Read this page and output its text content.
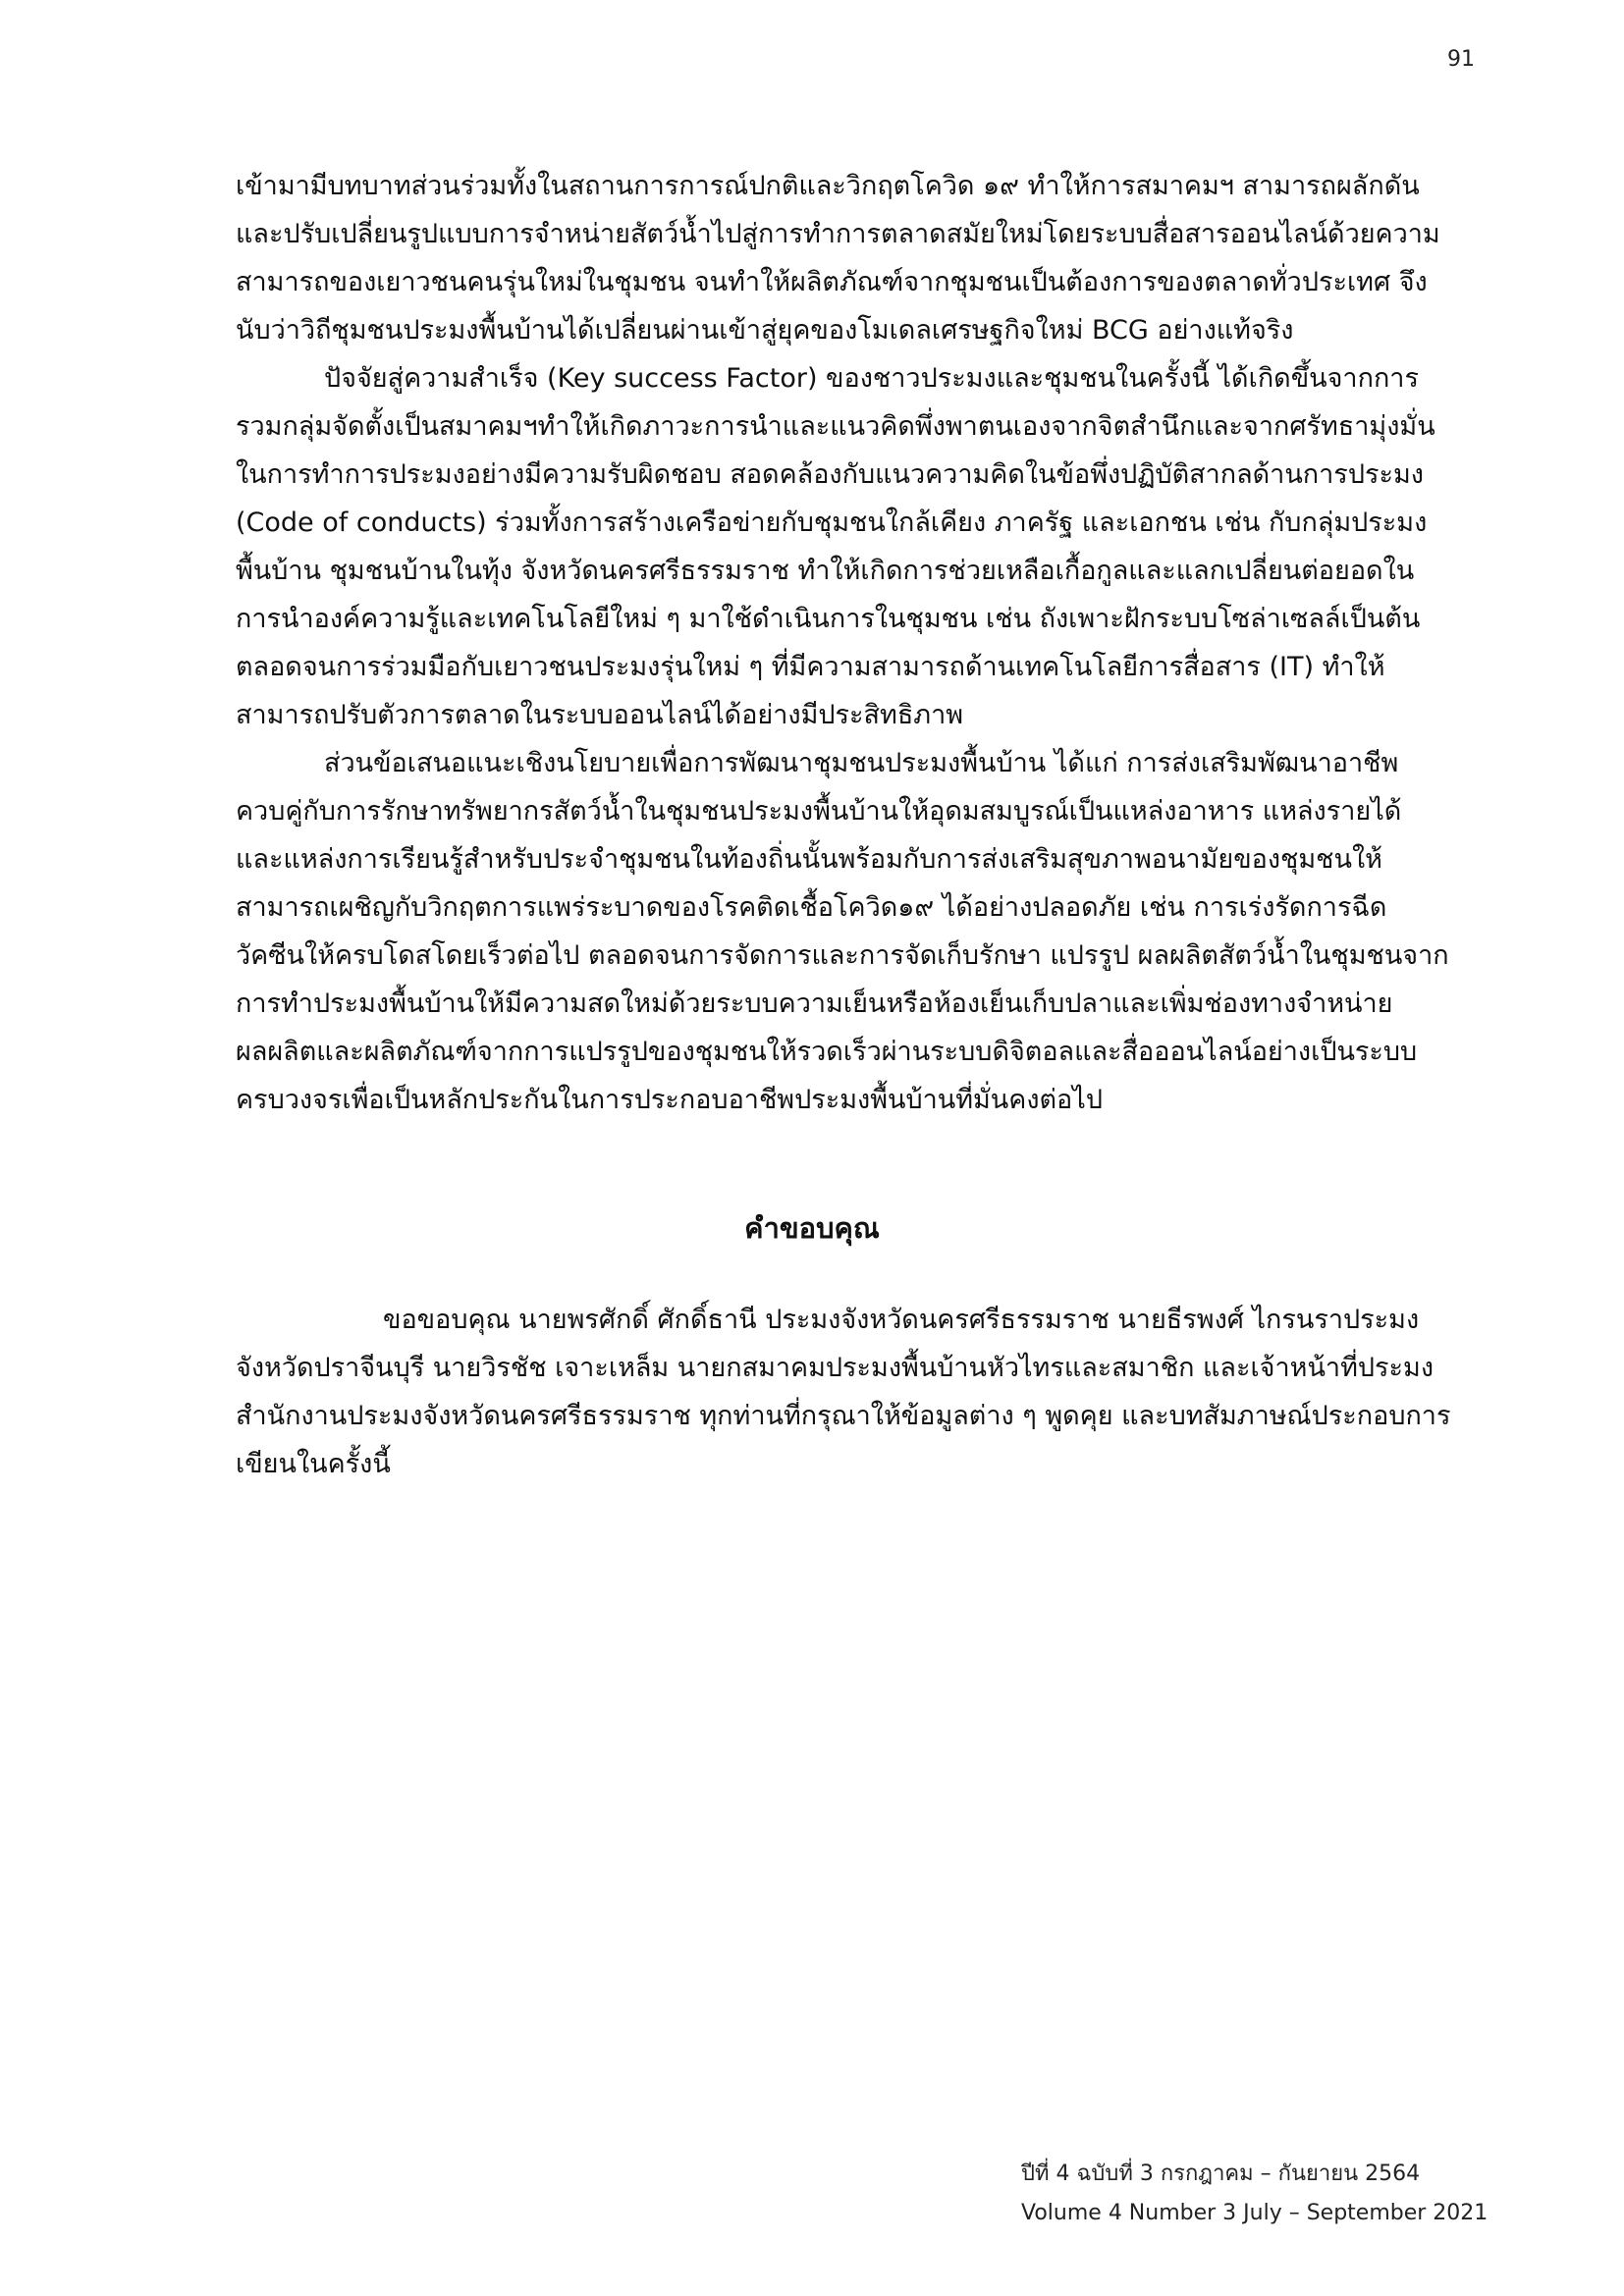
91

เข้ามามีบทบาทส่วนร่วมทั้งในสถานการการณ์ปกติและวิกฤตโควิด ๑๙ ทำให้การสมาคมฯ สามารถผลักดันและปรับเปลี่ยนรูปแบบการจำหน่ายสัตว์น้ำไปสู่การทำการตลาดสมัยใหม่โดยระบบสื่อสารออนไลน์ด้วยความสามารถของเยาวชนคนรุ่นใหม่ในชุมชน จนทำให้ผลิตภัณฑ์จากชุมชนเป็นต้องการของตลาดทั่วประเทศ จึงนับว่าวิถีชุมชนประมงพื้นบ้านได้เปลี่ยนผ่านเข้าสู่ยุคของโมเดลเศรษฐกิจใหม่ BCG อย่างแท้จริง

ปัจจัยสู่ความสำเร็จ (Key success Factor) ของชาวประมงและชุมชนในครั้งนี้ ได้เกิดขึ้นจากการรวมกลุ่มจัดตั้งเป็นสมาคมฯทำให้เกิดภาวะการนำและแนวคิดพึ่งพาตนเองจากจิตสำนึกและจากศรัทธามุ่งมั่นในการทำการประมงอย่างมีความรับผิดชอบ สอดคล้องกับแนวความคิดในข้อพึ่งปฏิบัติสากลด้านการประมง (Code of conducts) ร่วมทั้งการสร้างเครือข่ายกับชุมชนใกล้เคียง ภาครัฐ และเอกชน เช่น กับกลุ่มประมงพื้นบ้าน ชุมชนบ้านในทุ้ง จังหวัดนครศรีธรรมราช ทำให้เกิดการช่วยเหลือเกื้อกูลและแลกเปลี่ยนต่อยอดในการนำองค์ความรู้และเทคโนโลยีใหม่ ๆ มาใช้ดำเนินการในชุมชน เช่น ถังเพาะฝักระบบโซล่าเซลล์เป็นต้น ตลอดจนการร่วมมือกับเยาวชนประมงรุ่นใหม่ ๆ ที่มีความสามารถด้านเทคโนโลยีการสื่อสาร (IT) ทำให้สามารถปรับตัวการตลาดในระบบออนไลน์ได้อย่างมีประสิทธิภาพ

ส่วนข้อเสนอแนะเชิงนโยบายเพื่อการพัฒนาชุมชนประมงพื้นบ้าน ได้แก่ การส่งเสริมพัฒนาอาชีพควบคู่กับการรักษาทรัพยากรสัตว์น้ำในชุมชนประมงพื้นบ้านให้อุดมสมบูรณ์เป็นแหล่งอาหาร แหล่งรายได้ และแหล่งการเรียนรู้สำหรับประจำชุมชนในท้องถิ่นนั้นพร้อมกับการส่งเสริมสุขภาพอนามัยของชุมชนให้สามารถเผชิญกับวิกฤตการแพร่ระบาดของโรคติดเชื้อโควิด๑๙ ได้อย่างปลอดภัย เช่น การเร่งรัดการฉีดวัคซีนให้ครบโดสโดยเร็วต่อไป ตลอดจนการจัดการและการจัดเก็บรักษา แปรรูป ผลผลิตสัตว์น้ำในชุมชนจากการทำประมงพื้นบ้านให้มีความสดใหม่ด้วยระบบความเย็นหรือห้องเย็นเก็บปลาและเพิ่มช่องทางจำหน่ายผลผลิตและผลิตภัณฑ์จากการแปรรูปของชุมชนให้รวดเร็วผ่านระบบดิจิตอลและสื่อออนไลน์อย่างเป็นระบบครบวงจรเพื่อเป็นหลักประกันในการประกอบอาชีพประมงพื้นบ้านที่มั่นคงต่อไป

คำขอบคุณ

ขอขอบคุณ นายพรศักดิ์ ศักดิ์ธานี ประมงจังหวัดนครศรีธรรมราช นายธีรพงศ์ ไกรนราประมงจังหวัดปราจีนบุรี นายวิรชัช เจาะเหล็ม นายกสมาคมประมงพื้นบ้านหัวไทรและสมาชิก และเจ้าหน้าที่ประมง สำนักงานประมงจังหวัดนครศรีธรรมราช ทุกท่านที่กรุณาให้ข้อมูลต่าง ๆ พูดคุย และบทสัมภาษณ์ประกอบการเขียนในครั้งนี้

ปีที่ 4 ฉบับที่ 3 กรกฎาคม – กันยายน 2564
Volume 4 Number 3 July – September 2021
